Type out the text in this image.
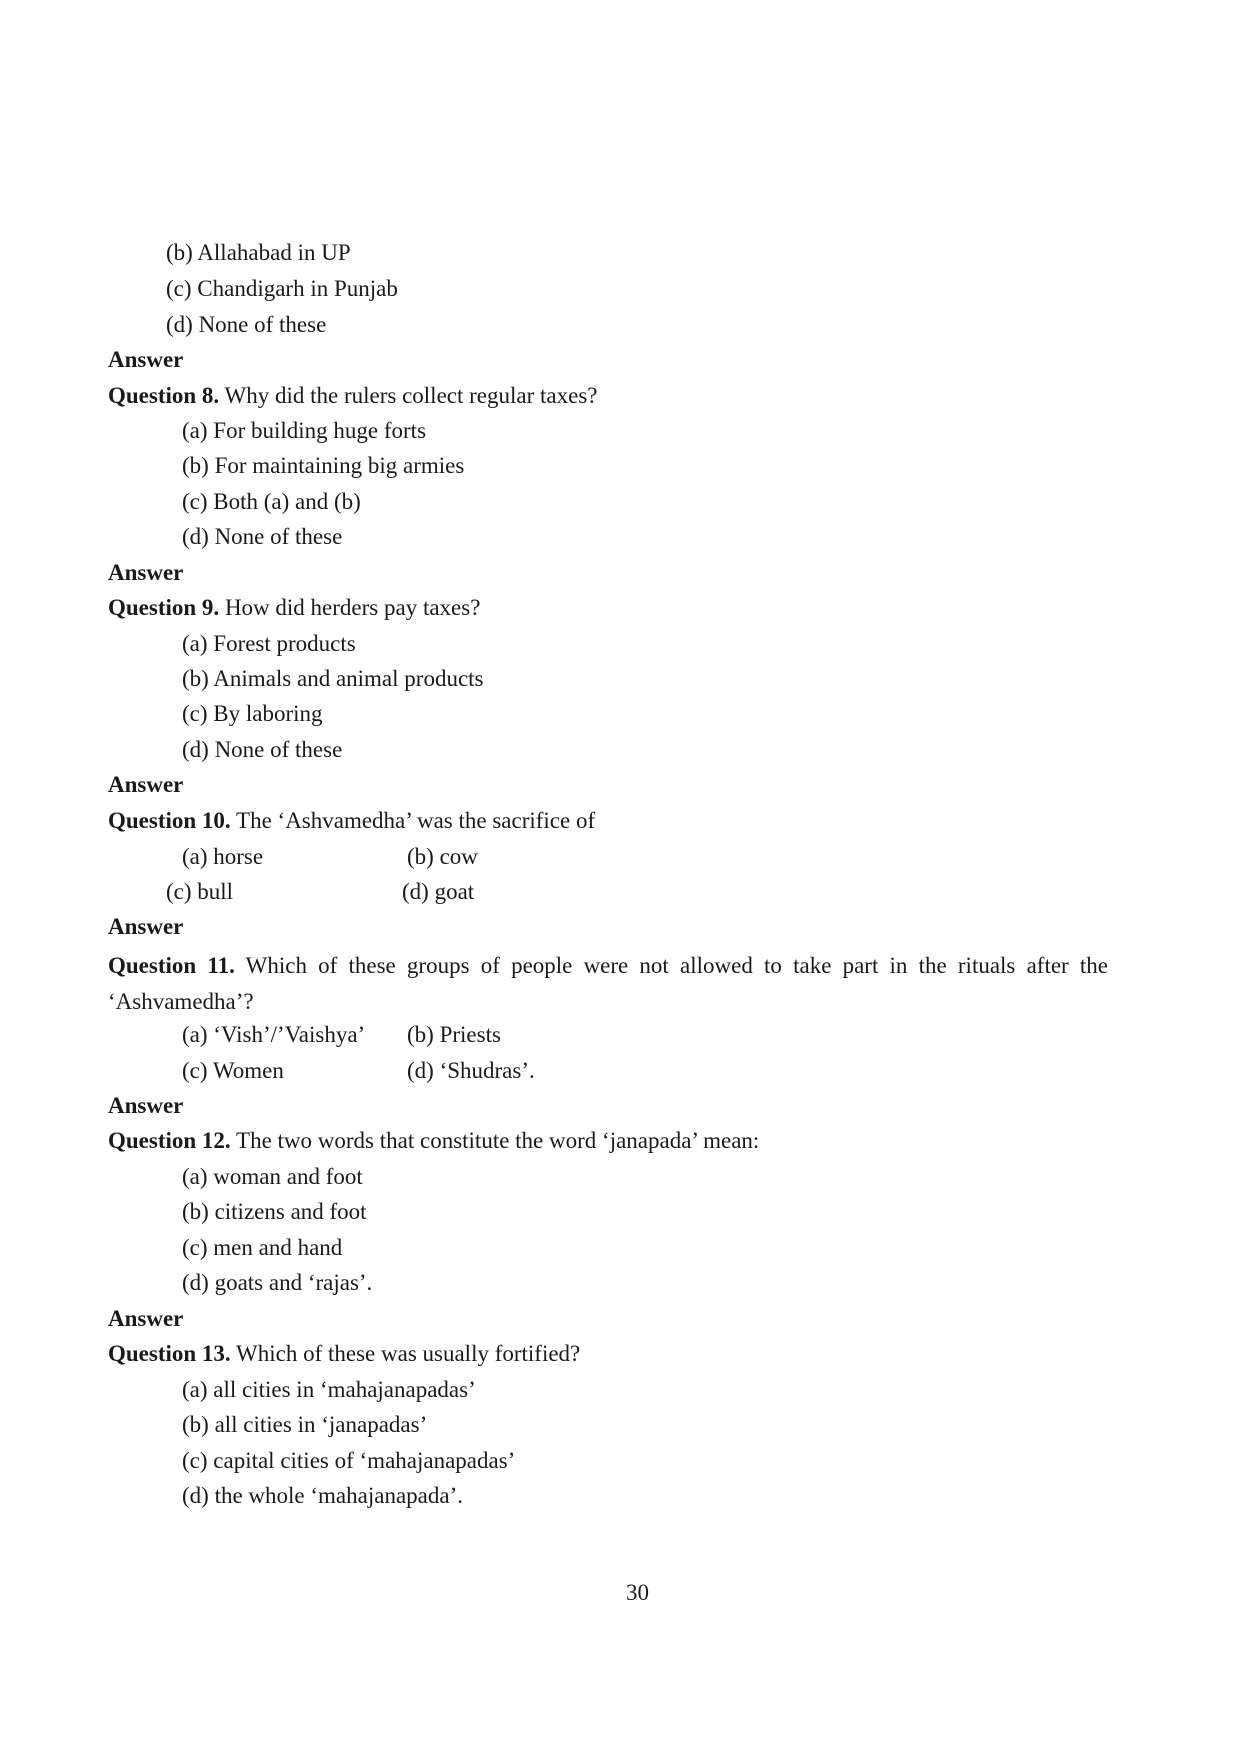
(b) Allahabad in UP
(c) Chandigarh in Punjab
(d) None of these
Answer
Question 8. Why did the rulers collect regular taxes?
(a) For building huge forts
(b) For maintaining big armies
(c) Both (a) and (b)
(d) None of these
Answer
Question 9. How did herders pay taxes?
(a) Forest products
(b) Animals and animal products
(c) By laboring
(d) None of these
Answer
Question 10. The ‘Ashvamedha’ was the sacrifice of
(a) horse	(b) cow
(c) bull	(d) goat
Answer
Question 11. Which of these groups of people were not allowed to take part in the rituals after the ‘Ashvamedha’?
(a) ‘Vish’/’Vaishya’ (b) Priests
(c) Women	(d) ‘Shudras’.
Answer
Question 12. The two words that constitute the word ‘janapada’ mean:
(a) woman and foot
(b) citizens and foot
(c) men and hand
(d) goats and ‘rajas’.
Answer
Question 13. Which of these was usually fortified?
(a) all cities in ‘mahajanapadas’
(b) all cities in ‘janapadas’
(c) capital cities of ‘mahajanapadas’
(d) the whole ‘mahajanapada’.
30
